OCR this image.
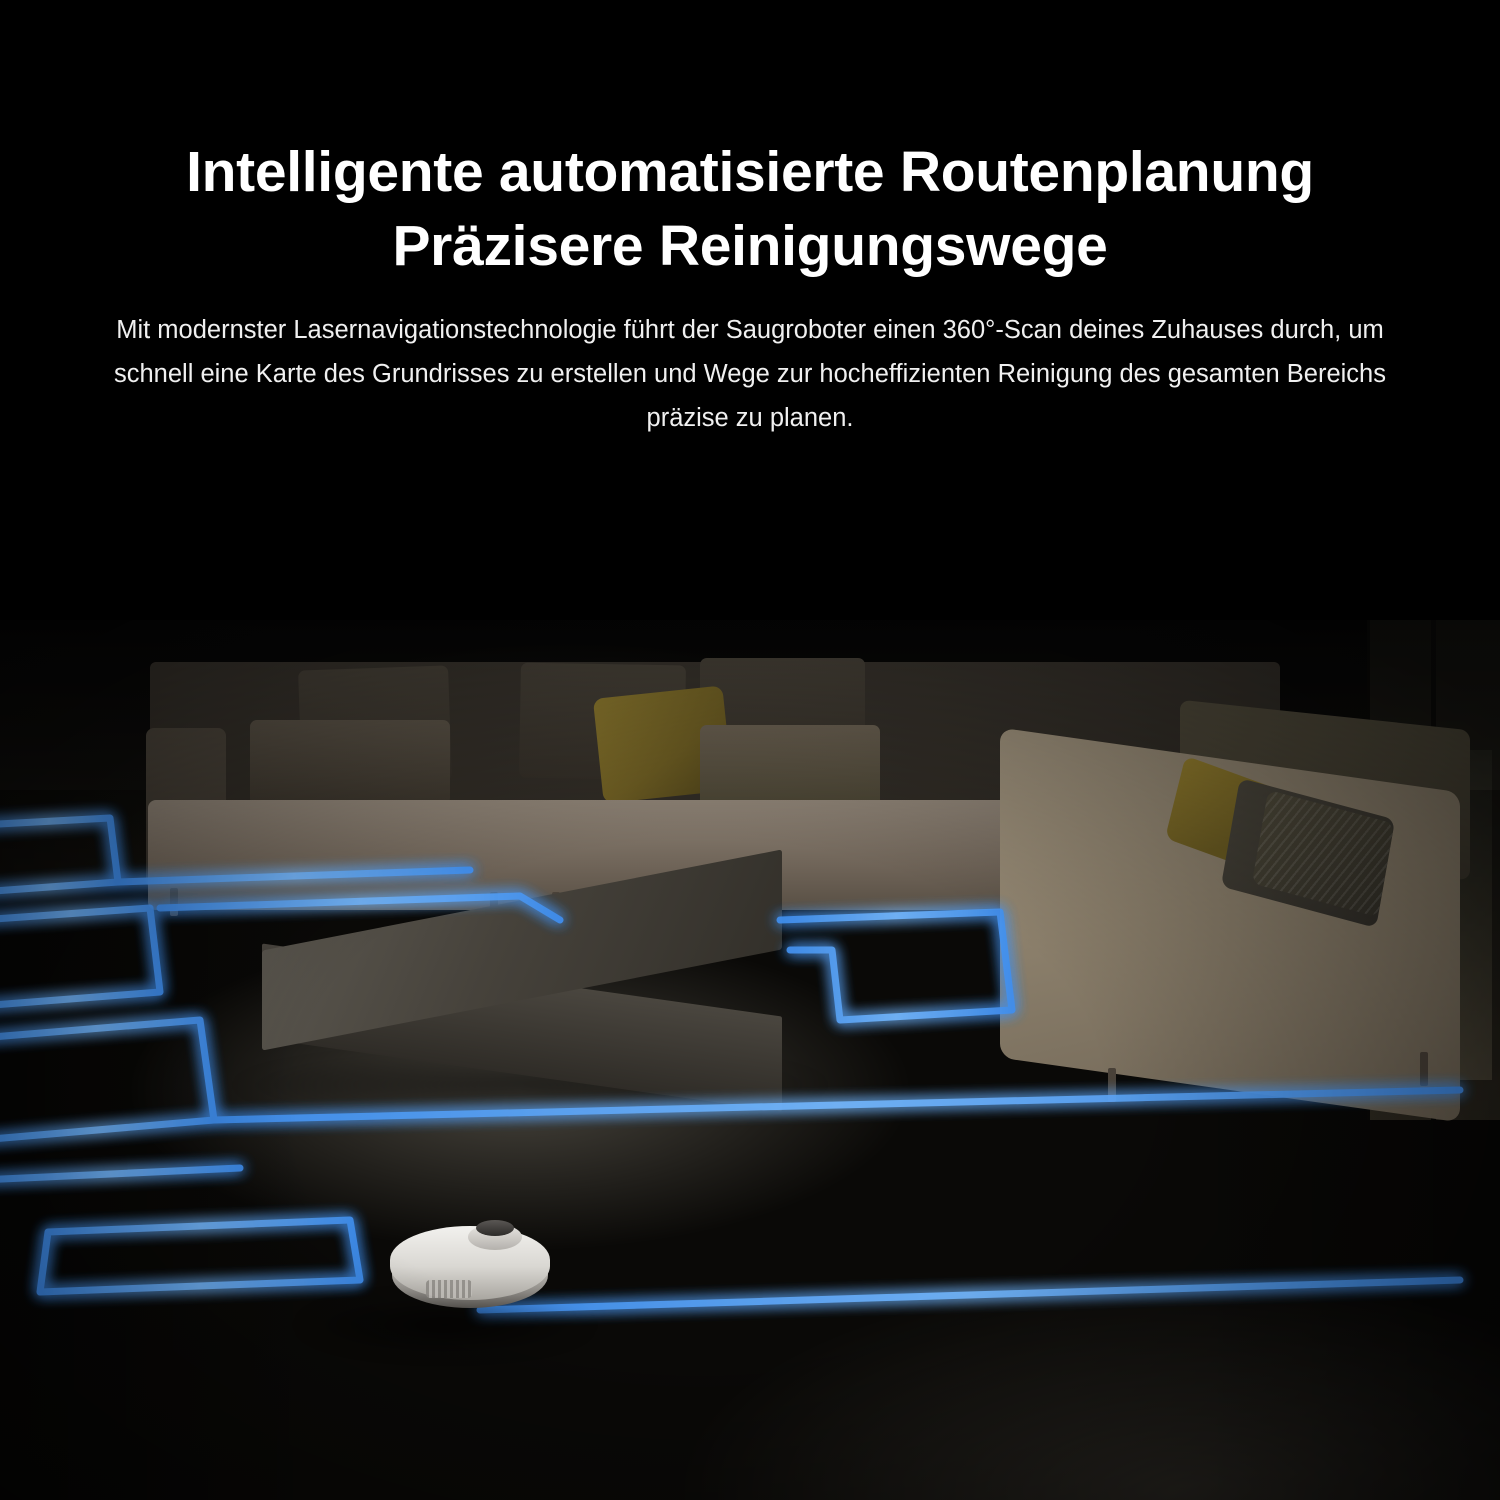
Intelligente automatisierte Routenplanung
Präzisere Reinigungswege

Mit modernster Lasernavigationstechnologie führt der Saugroboter einen 360°-Scan deines Zuhauses durch, um schnell eine Karte des Grundrisses zu erstellen und Wege zur hocheffizienten Reinigung des gesamten Bereichs präzise zu planen.
